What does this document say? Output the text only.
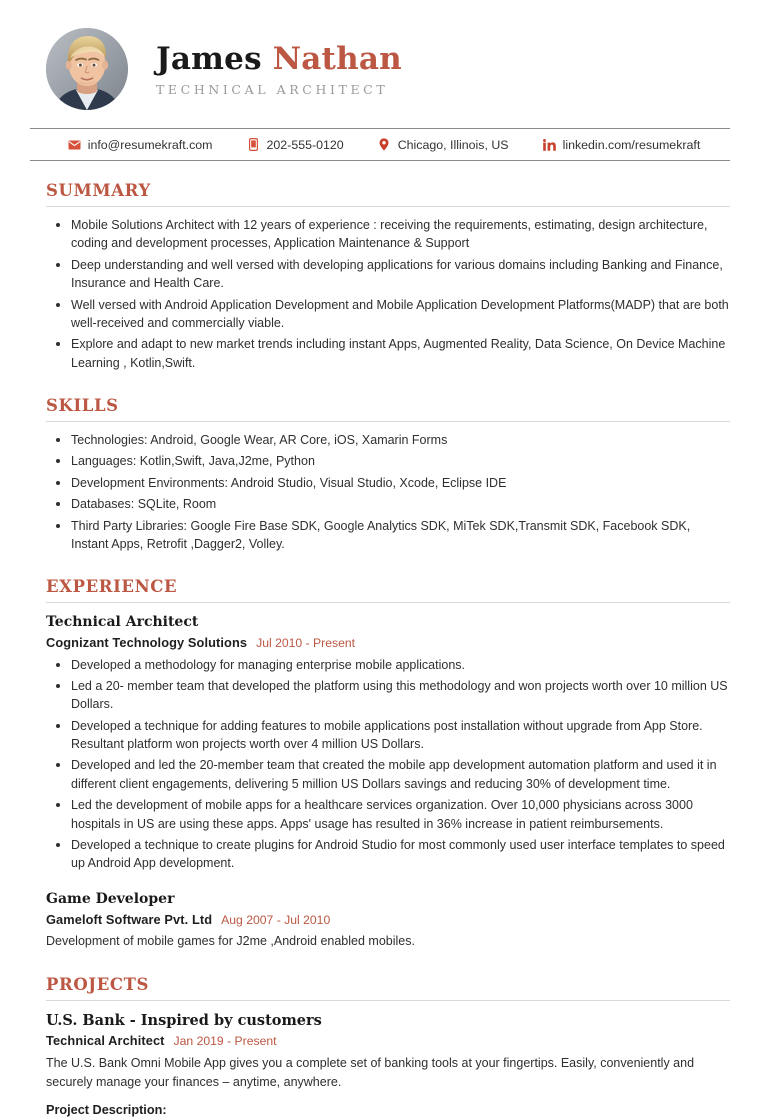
James Nathan
TECHNICAL ARCHITECT
info@resumekraft.com	202-555-0120	Chicago, Illinois, US	linkedin.com/resumekraft
SUMMARY
Mobile Solutions Architect with 12 years of experience : receiving the requirements, estimating, design architecture, coding and development processes, Application Maintenance & Support
Deep understanding and well versed with developing applications for various domains including Banking and Finance, Insurance and Health Care.
Well versed with Android Application Development and Mobile Application Development Platforms(MADP) that are both well-received and commercially viable.
Explore and adapt to new market trends including instant Apps, Augmented Reality, Data Science, On Device Machine Learning , Kotlin,Swift.
SKILLS
Technologies: Android, Google Wear, AR Core, iOS, Xamarin Forms
Languages: Kotlin,Swift, Java,J2me, Python
Development Environments: Android Studio, Visual Studio, Xcode, Eclipse IDE
Databases: SQLite, Room
Third Party Libraries: Google Fire Base SDK, Google Analytics SDK, MiTek SDK,Transmit SDK, Facebook SDK, Instant Apps, Retrofit ,Dagger2, Volley.
EXPERIENCE
Technical Architect
Cognizant Technology Solutions Jul 2010 - Present
Developed a methodology for managing enterprise mobile applications.
Led a 20- member team that developed the platform using this methodology and won projects worth over 10 million US Dollars.
Developed a technique for adding features to mobile applications post installation without upgrade from App Store. Resultant platform won projects worth over 4 million US Dollars.
Developed and led the 20-member team that created the mobile app development automation platform and used it in different client engagements, delivering 5 million US Dollars savings and reducing 30% of development time.
Led the development of mobile apps for a healthcare services organization. Over 10,000 physicians across 3000 hospitals in US are using these apps. Apps' usage has resulted in 36% increase in patient reimbursements.
Developed a technique to create plugins for Android Studio for most commonly used user interface templates to speed up Android App development.
Game Developer
Gameloft Software Pvt. Ltd Aug 2007 - Jul 2010
Development of mobile games for J2me ,Android enabled mobiles.
PROJECTS
U.S. Bank - Inspired by customers
Technical Architect Jan 2019 - Present
The U.S. Bank Omni Mobile App gives you a complete set of banking tools at your fingertips. Easily, conveniently and securely manage your finances – anytime, anywhere.
Project Description:
